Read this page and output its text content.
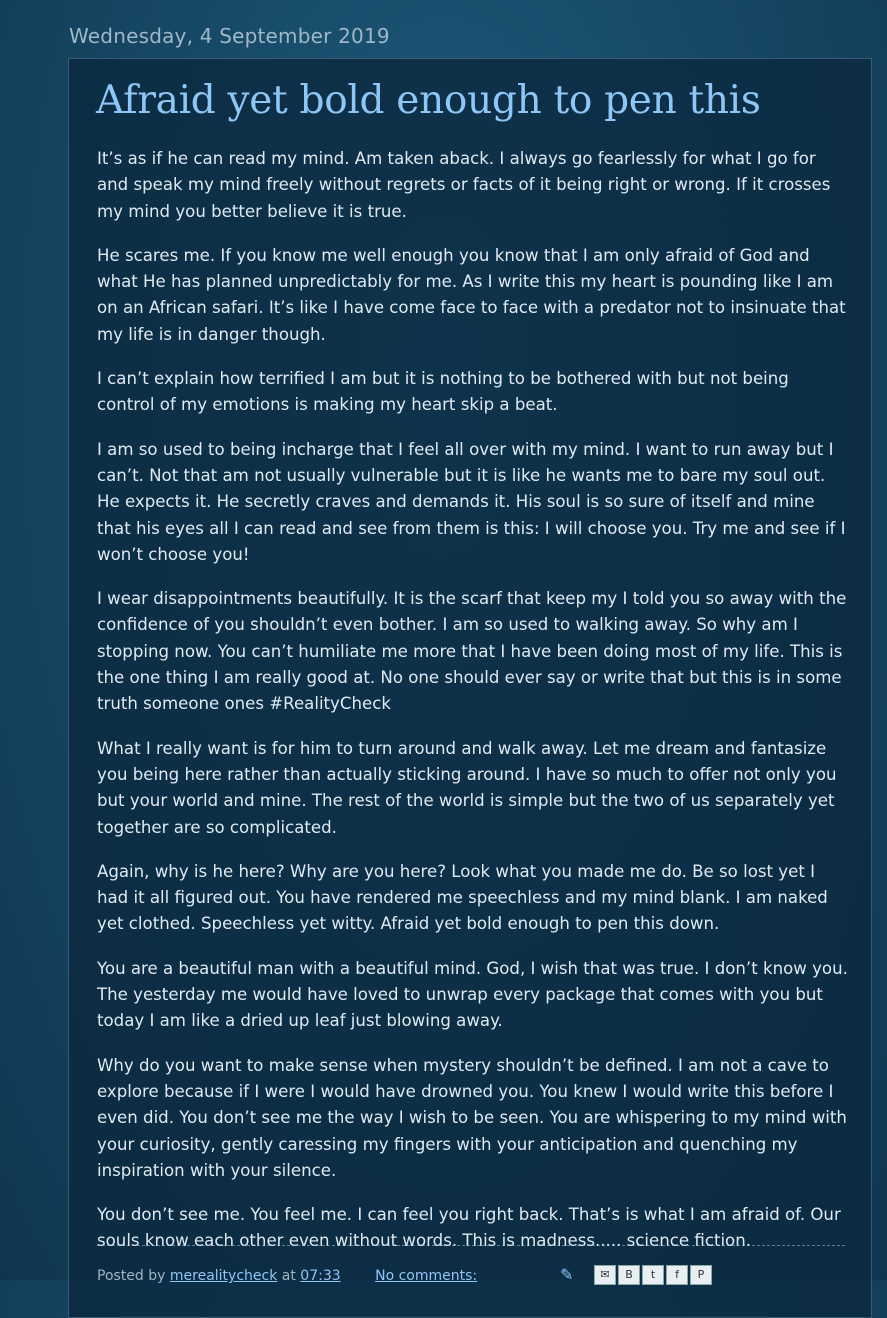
Wednesday, 4 September 2019
Afraid yet bold enough to pen this

It’s as if he can read my mind. Am taken aback. I always go fearlessly for what I go for and speak my mind freely without regrets or facts of it being right or wrong. If it crosses my mind you better believe it is true.

He scares me. If you know me well enough you know that I am only afraid of God and what He has planned unpredictably for me. As I write this my heart is pounding like I am on an African safari. It’s like I have come face to face with a predator not to insinuate that my life is in danger though.

I can’t explain how terrified I am but it is nothing to be bothered with but not being control of my emotions is making my heart skip a beat.

I am so used to being incharge that I feel all over with my mind. I want to run away but I can’t. Not that am not usually vulnerable but it is like he wants me to bare my soul out. He expects it. He secretly craves and demands it. His soul is so sure of itself and mine that his eyes all I can read and see from them is this: I will choose you. Try me and see if I won’t choose you!

I wear disappointments beautifully. It is the scarf that keep my I told you so away with the confidence of you shouldn’t even bother. I am so used to walking away. So why am I stopping now. You can’t humiliate me more that I have been doing most of my life. This is the one thing I am really good at. No one should ever say or write that but this is in some truth someone ones #RealityCheck

What I really want is for him to turn around and walk away. Let me dream and fantasize you being here rather than actually sticking around. I have so much to offer not only you but your world and mine. The rest of the world is simple but the two of us separately yet together are so complicated.

Again, why is he here? Why are you here? Look what you made me do. Be so lost yet I had it all figured out. You have rendered me speechless and my mind blank. I am naked yet clothed. Speechless yet witty. Afraid yet bold enough to pen this down.

You are a beautiful man with a beautiful mind. God, I wish that was true. I don’t know you. The yesterday me would have loved to unwrap every package that comes with you but today I am like a dried up leaf just blowing away.

Why do you want to make sense when mystery shouldn’t be defined. I am not a cave to explore because if I were I would have drowned you. You knew I would write this before I even did. You don’t see me the way I wish to be seen. You are whispering to my mind with your curiosity, gently caressing my fingers with your anticipation and quenching my inspiration with your silence.

You don’t see me. You feel me. I can feel you right back. That’s is what I am afraid of. Our souls know each other even without words. This is madness..... science fiction.

Posted by merealitycheck at 07:33 No comments:	✎	✉	B	t	f	P
